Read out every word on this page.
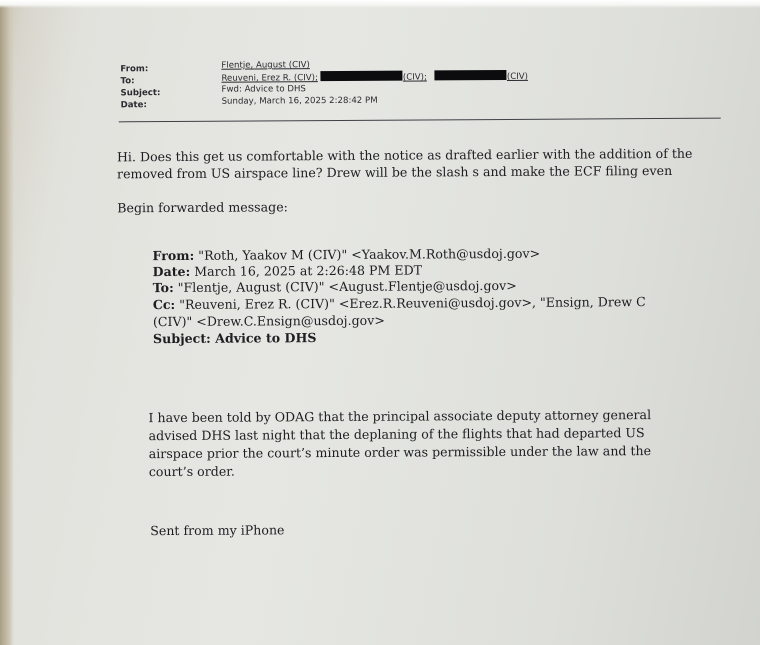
From:
To:
Subject:
Date:
Flentje, August (CIV)
Reuveni, Erez R. (CIV);	(CIV);	(CIV)
Fwd: Advice to DHS
Sunday, March 16, 2025 2:28:42 PM
Hi. Does this get us comfortable with the notice as drafted earlier with the addition of the
removed from US airspace line? Drew will be the slash s and make the ECF filing even
Begin forwarded message:
From: "Roth, Yaakov M (CIV)" <Yaakov.M.Roth@usdoj.gov>
Date: March 16, 2025 at 2:26:48 PM EDT
To: "Flentje, August (CIV)" <August.Flentje@usdoj.gov>
Cc: "Reuveni, Erez R. (CIV)" <Erez.R.Reuveni@usdoj.gov>, "Ensign, Drew C
(CIV)" <Drew.C.Ensign@usdoj.gov>
Subject: Advice to DHS
I have been told by ODAG that the principal associate deputy attorney general
advised DHS last night that the deplaning of the flights that had departed US
airspace prior the court’s minute order was permissible under the law and the
court’s order.
Sent from my iPhone
